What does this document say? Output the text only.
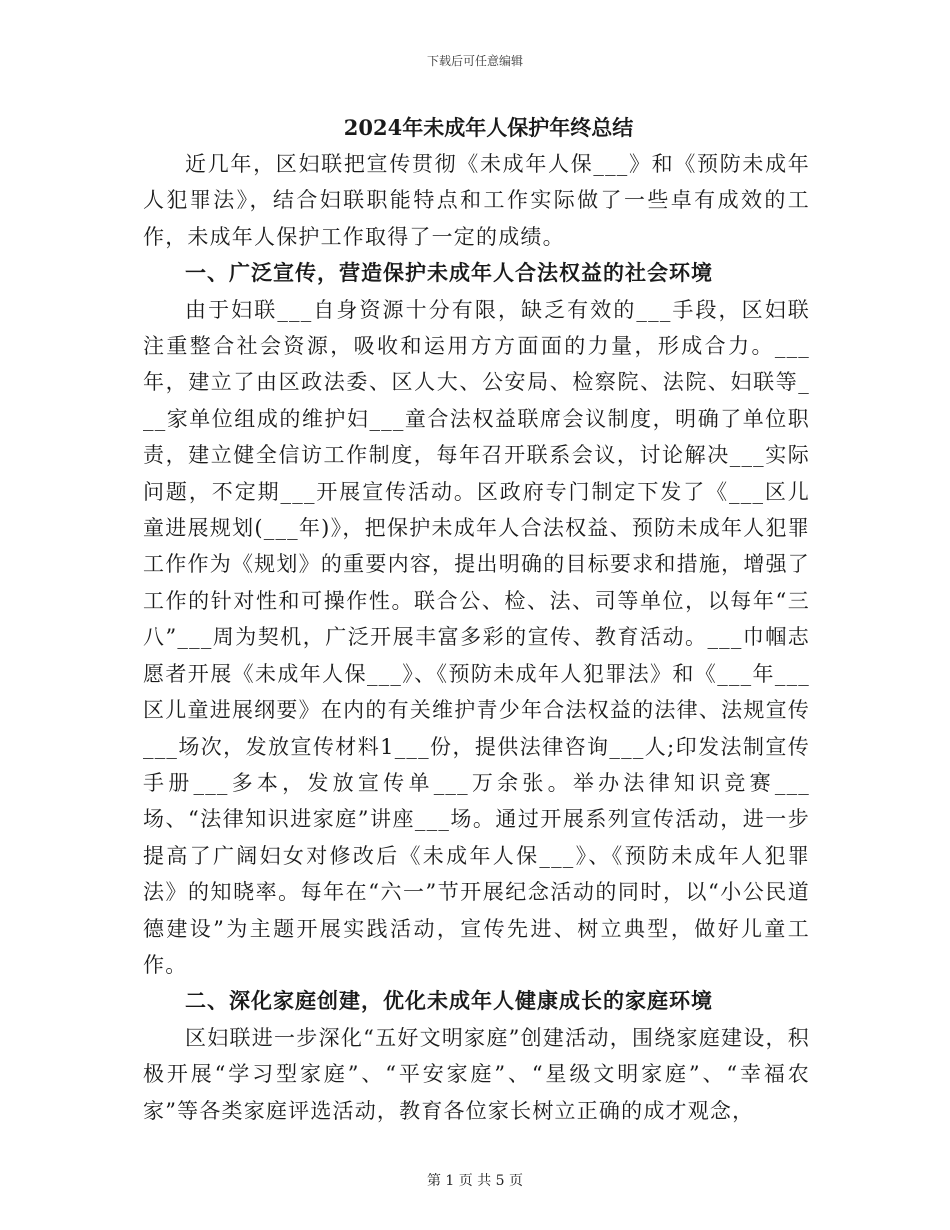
下载后可任意编辑
2024年未成年人保护年终总结

近几年，区妇联把宣传贯彻《未成年人保___》和《预防未成年人犯罪法》，结合妇联职能特点和工作实际做了一些卓有成效的工作，未成年人保护工作取得了一定的成绩。

一、广泛宣传，营造保护未成年人合法权益的社会环境

由于妇联___自身资源十分有限，缺乏有效的___手段，区妇联注重整合社会资源，吸收和运用方方面面的力量，形成合力。___年，建立了由区政法委、区人大、公安局、检察院、法院、妇联等___家单位组成的维护妇___童合法权益联席会议制度，明确了单位职责，建立健全信访工作制度，每年召开联系会议，讨论解决___实际问题，不定期___开展宣传活动。区政府专门制定下发了《___区儿童进展规划(___年)》，把保护未成年人合法权益、预防未成年人犯罪工作作为《规划》的重要内容，提出明确的目标要求和措施，增强了工作的针对性和可操作性。联合公、检、法、司等单位，以每年“三八”___周为契机，广泛开展丰富多彩的宣传、教育活动。___巾帼志愿者开展《未成年人保___》、《预防未成年人犯罪法》和《___年___区儿童进展纲要》在内的有关维护青少年合法权益的法律、法规宣传___场次，发放宣传材料1___份，提供法律咨询___人;印发法制宣传手册___多本，发放宣传单___万余张。举办法律知识竞赛___场、“法律知识进家庭”讲座___场。通过开展系列宣传活动，进一步提高了广阔妇女对修改后《未成年人保___》、《预防未成年人犯罪法》的知晓率。每年在“六一”节开展纪念活动的同时，以“小公民道德建设”为主题开展实践活动，宣传先进、树立典型，做好儿童工作。

二、深化家庭创建，优化未成年人健康成长的家庭环境

区妇联进一步深化“五好文明家庭”创建活动，围绕家庭建设，积极开展“学习型家庭”、“平安家庭”、“星级文明家庭”、“幸福农家”等各类家庭评选活动，教育各位家长树立正确的成才观念，

第 1 页 共 5 页
